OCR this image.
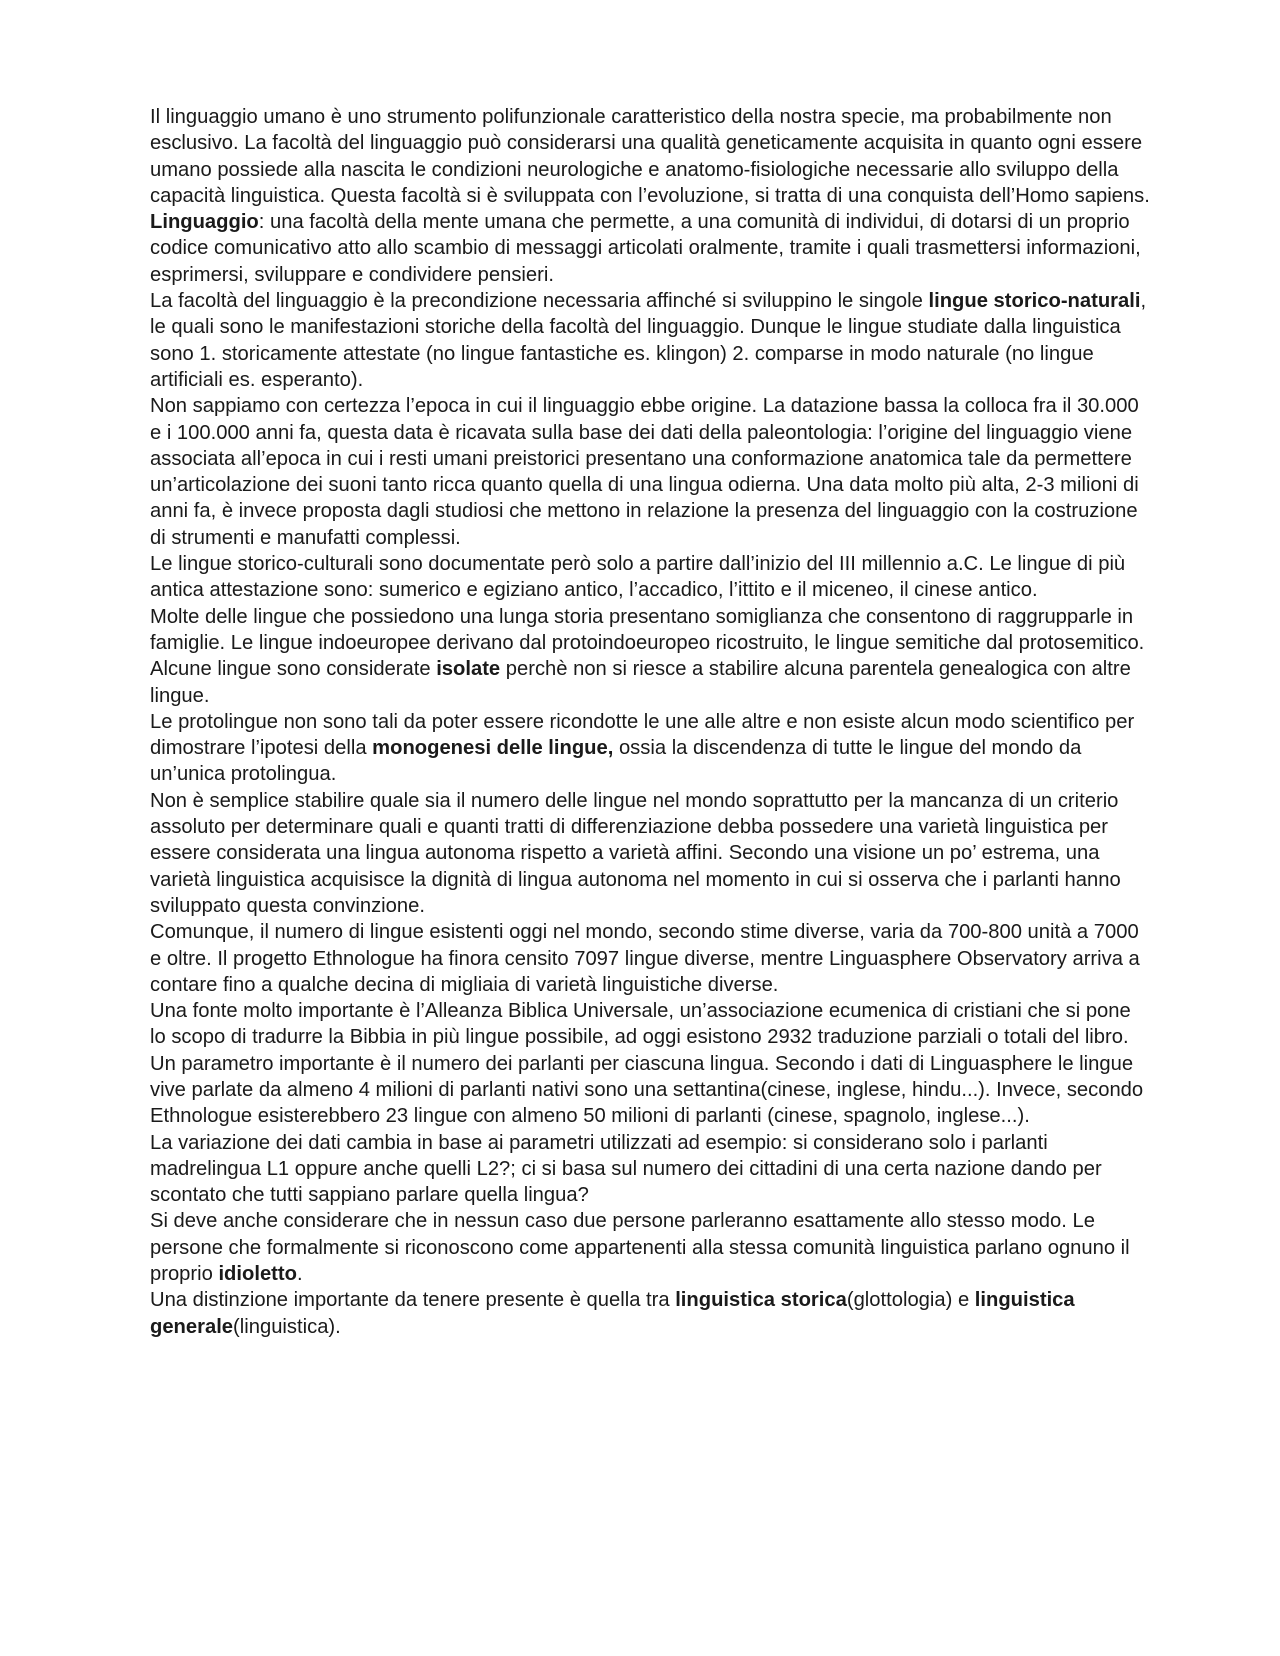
Il linguaggio umano è uno strumento polifunzionale caratteristico della nostra specie, ma probabilmente non esclusivo. La facoltà del linguaggio può considerarsi una qualità geneticamente acquisita in quanto ogni essere umano possiede alla nascita le condizioni neurologiche e anatomo-fisiologiche necessarie allo sviluppo della capacità linguistica. Questa facoltà si è sviluppata con l’evoluzione, si tratta di una conquista dell’Homo sapiens.

Linguaggio: una facoltà della mente umana che permette, a una comunità di individui, di dotarsi di un proprio codice comunicativo atto allo scambio di messaggi articolati oralmente, tramite i quali trasmettersi informazioni, esprimersi, sviluppare e condividere pensieri.

La facoltà del linguaggio è la precondizione necessaria affinché si sviluppino le singole lingue storico-naturali, le quali sono le manifestazioni storiche della facoltà del linguaggio. Dunque le lingue studiate dalla linguistica sono 1. storicamente attestate (no lingue fantastiche es. klingon) 2. comparse in modo naturale (no lingue artificiali es. esperanto).

Non sappiamo con certezza l’epoca in cui il linguaggio ebbe origine. La datazione bassa la colloca fra il 30.000 e i 100.000 anni fa, questa data è ricavata sulla base dei dati della paleontologia: l’origine del linguaggio viene associata all’epoca in cui i resti umani preistorici presentano una conformazione anatomica tale da permettere un’articolazione dei suoni tanto ricca quanto quella di una lingua odierna. Una data molto più alta, 2-3 milioni di anni fa, è invece proposta dagli studiosi che mettono in relazione la presenza del linguaggio con la costruzione di strumenti e manufatti complessi.

Le lingue storico-culturali sono documentate però solo a partire dall’inizio del III millennio a.C. Le lingue di più antica attestazione sono: sumerico e egiziano antico, l’accadico, l’ittito e il miceneo, il cinese antico.

Molte delle lingue che possiedono una lunga storia presentano somiglianza che consentono di raggrupparle in famiglie. Le lingue indoeuropee derivano dal protoindoeuropeo ricostruito, le lingue semitiche dal protosemitico. Alcune lingue sono considerate isolate perchè non si riesce a stabilire alcuna parentela genealogica con altre lingue.

Le protolingue non sono tali da poter essere ricondotte le une alle altre e non esiste alcun modo scientifico per dimostrare l’ipotesi della monogenesi delle lingue, ossia la discendenza di tutte le lingue del mondo da un’unica protolingua.

Non è semplice stabilire quale sia il numero delle lingue nel mondo soprattutto per la mancanza di un criterio assoluto per determinare quali e quanti tratti di differenziazione debba possedere una varietà linguistica per essere considerata una lingua autonoma rispetto a varietà affini. Secondo una visione un po’ estrema, una varietà linguistica acquisisce la dignità di lingua autonoma nel momento in cui si osserva che i parlanti hanno sviluppato questa convinzione.

Comunque, il numero di lingue esistenti oggi nel mondo, secondo stime diverse, varia da 700-800 unità a 7000 e oltre. Il progetto Ethnologue ha finora censito 7097 lingue diverse, mentre Linguasphere Observatory arriva a contare fino a qualche decina di migliaia di varietà linguistiche diverse.

Una fonte molto importante è l’Alleanza Biblica Universale, un’associazione ecumenica di cristiani che si pone lo scopo di tradurre la Bibbia in più lingue possibile, ad oggi esistono 2932 traduzione parziali o totali del libro.

Un parametro importante è il numero dei parlanti per ciascuna lingua. Secondo i dati di Linguasphere le lingue vive parlate da almeno 4 milioni di parlanti nativi sono una settantina(cinese, inglese, hindu...). Invece, secondo Ethnologue esisterebbero 23 lingue con almeno 50 milioni di parlanti (cinese, spagnolo, inglese...).

La variazione dei dati cambia in base ai parametri utilizzati ad esempio: si considerano solo i parlanti madrelingua L1 oppure anche quelli L2?; ci si basa sul numero dei cittadini di una certa nazione dando per scontato che tutti sappiano parlare quella lingua?

Si deve anche considerare che in nessun caso due persone parleranno esattamente allo stesso modo. Le persone che formalmente si riconoscono come appartenenti alla stessa comunità linguistica parlano ognuno il proprio idioletto.

Una distinzione importante da tenere presente è quella tra linguistica storica(glottologia) e linguistica generale(linguistica).
